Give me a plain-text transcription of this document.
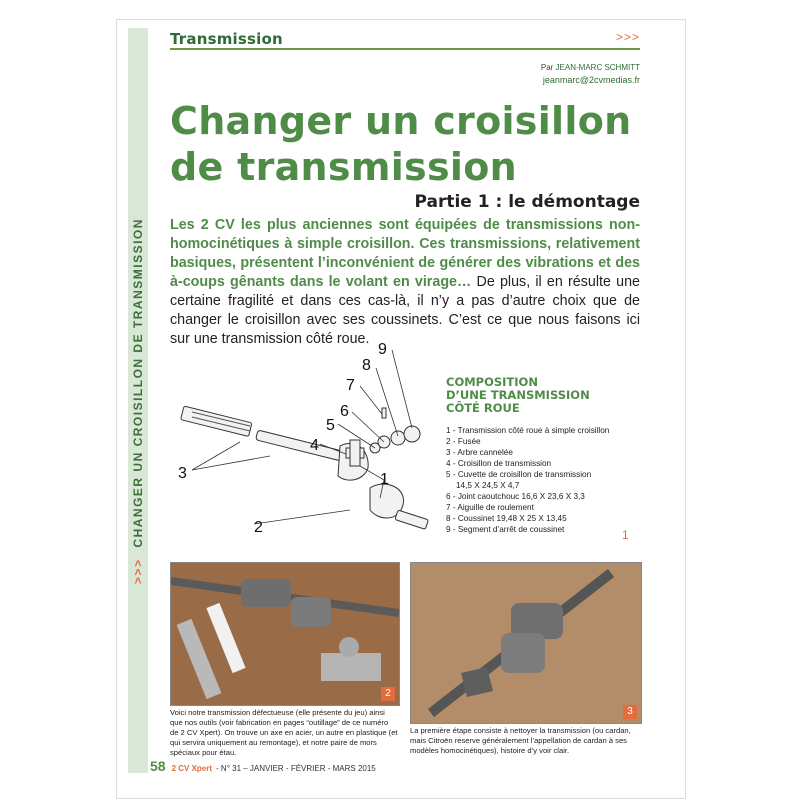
>>> CHANGER UN CROISILLON DE TRANSMISSION
Transmission	>>>
Par JEAN-MARC SCHMITT
jeanmarc@2cvmedias.fr
Changer un croisillon
de transmission
Partie 1 : le démontage
Les 2 CV les plus anciennes sont équipées de transmissions non-homocinétiques à simple croisillon. Ces transmissions, relativement basiques, présentent l’inconvénient de générer des vibrations et des à-coups gênants dans le volant en virage… De plus, il en résulte une certaine fragilité et dans ces cas-là, il n’y a pas d’autre choix que de changer le croisillon avec ses coussinets. C’est ce que nous faisons ici sur une transmission côté roue.
1
2
3
4
5
6
7
8
9
COMPOSITION
D’UNE TRANSMISSION
CÔTÉ ROUE
1 - Transmission côté roue à simple croisillon
2 - Fusée
3 - Arbre cannelée
4 - Croisillon de transmission
5 - Cuvette de croisillon de transmission
14,5 X 24,5 X 4,7
6 - Joint caoutchouc 16,6 X 23,6 X 3,3
7 - Aiguille de roulement
8 - Coussinet 19,48 X 25 X 13,45
9 - Segment d’arrêt de coussinet	1
2
Voici notre transmission défectueuse (elle présente du jeu) ainsi que nos outils (voir fabrication en pages “outillage” de ce numéro de 2 CV Xpert). On trouve un axe en acier, un autre en plastique (et qui servira uniquement au remontage), et notre paire de mors spéciaux pour étau.
3
La première étape consiste à nettoyer la transmission (ou cardan, mais Citroën reserve généralement l’appellation de cardan à ses modèles homocinétiques), histoire d’y voir clair.
58 2 CV Xpert - N° 31 – JANVIER - FÉVRIER - MARS 2015
